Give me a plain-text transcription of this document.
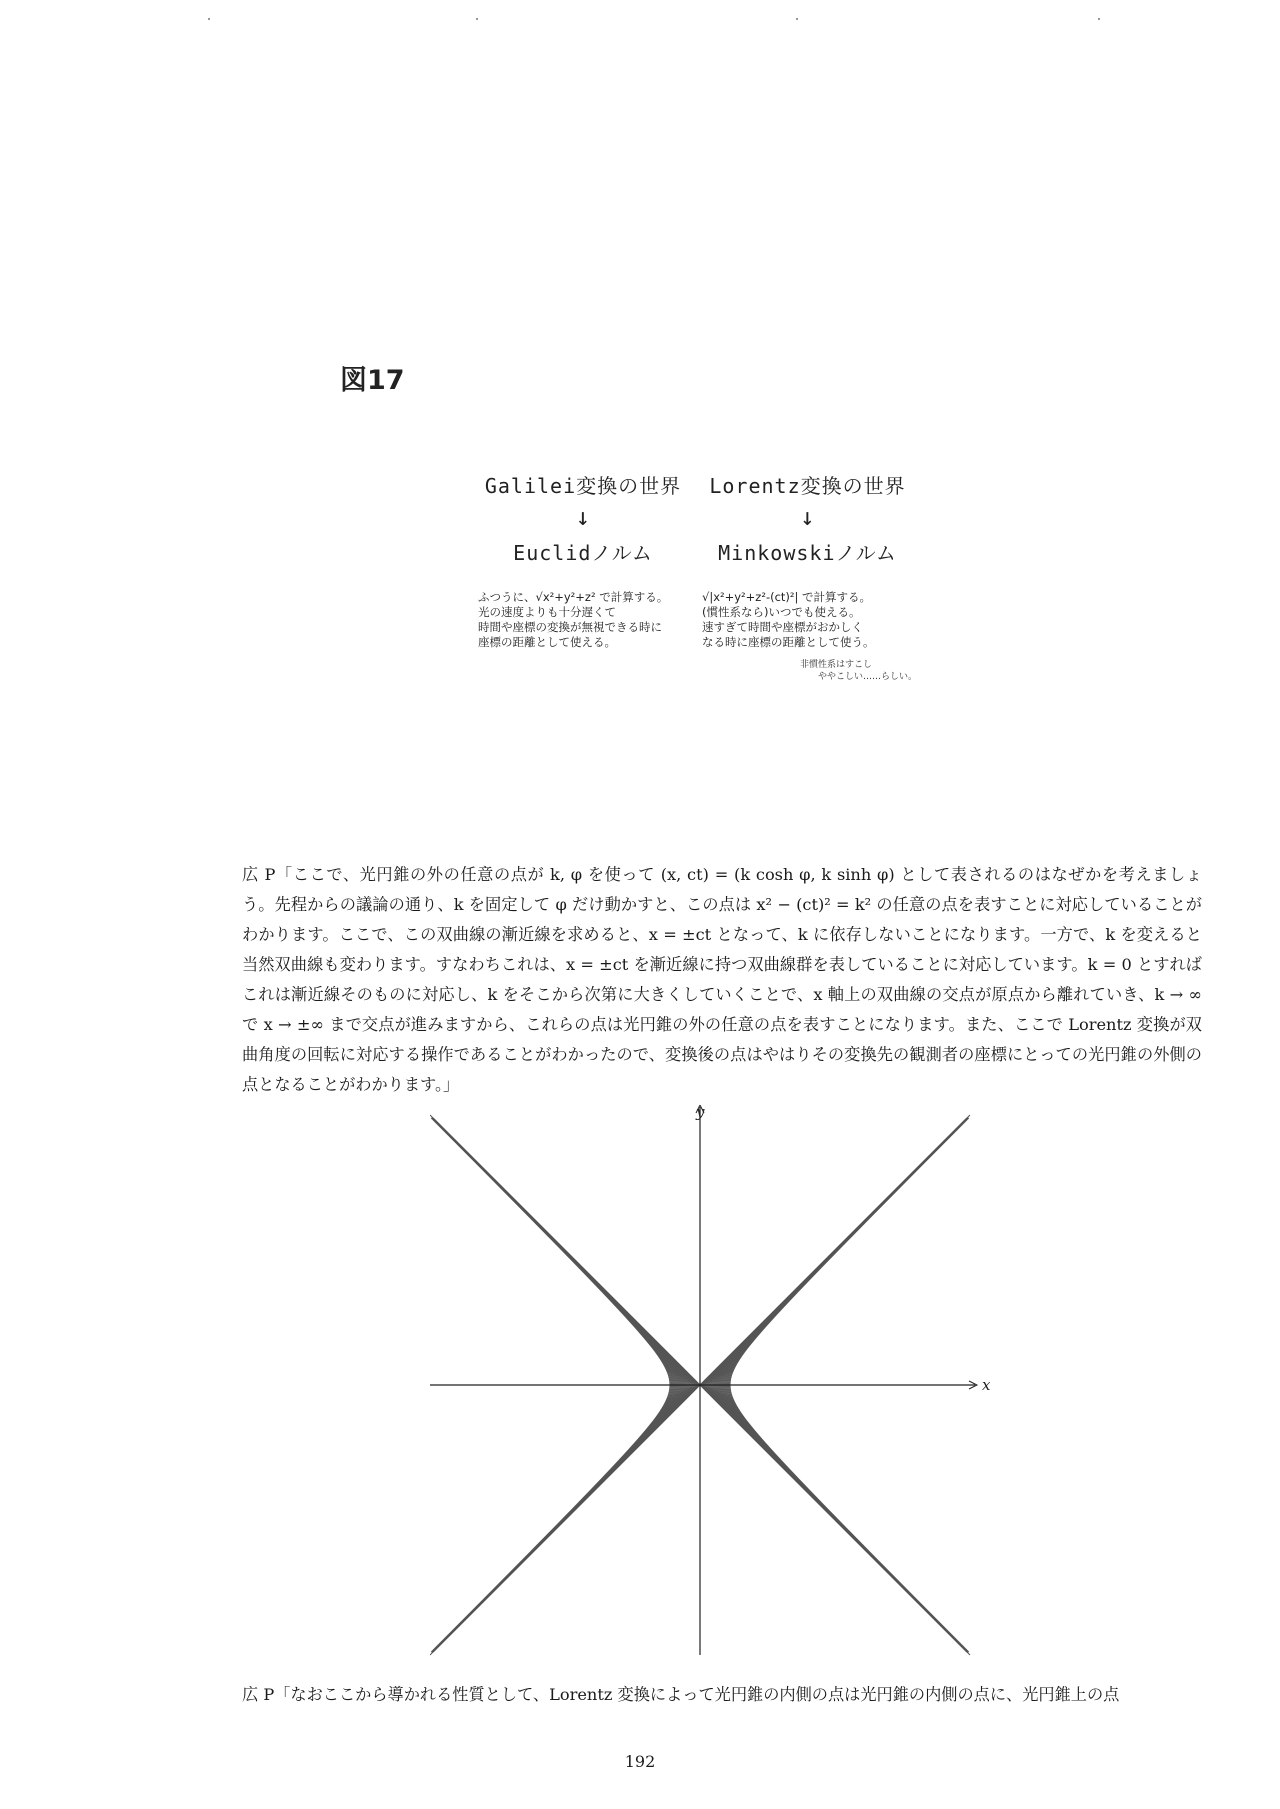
図17
Galilei変換の世界
↓
Euclidノルム
ふつうに、√x²+y²+z² で計算する。
光の速度よりも十分遅くて
時間や座標の変換が無視できる時に
座標の距離として使える。
Lorentz変換の世界
↓
Minkowskiノルム
√|x²+y²+z²-(ct)²| で計算する。
(慣性系なら)いつでも使える。
速すぎて時間や座標がおかしく
なる時に座標の距離として使う。
非慣性系はすこし
　　ややこしい……らしい。
広 P「ここで、光円錐の外の任意の点が k, φ を使って (x, ct) = (k cosh φ, k sinh φ) として表されるのはなぜかを考えましょう。先程からの議論の通り、k を固定して φ だけ動かすと、この点は x² − (ct)² = k² の任意の点を表すことに対応していることがわかります。ここで、この双曲線の漸近線を求めると、x = ±ct となって、k に依存しないことになります。一方で、k を変えると当然双曲線も変わります。すなわちこれは、x = ±ct を漸近線に持つ双曲線群を表していることに対応しています。k = 0 とすればこれは漸近線そのものに対応し、k をそこから次第に大きくしていくことで、x 軸上の双曲線の交点が原点から離れていき、k → ∞ で x → ±∞ まで交点が進みますから、これらの点は光円錐の外の任意の点を表すことになります。また、ここで Lorentz 変換が双曲角度の回転に対応する操作であることがわかったので、変換後の点はやはりその変換先の観測者の座標にとっての光円錐の外側の点となることがわかります。」
x
y
広 P「なおここから導かれる性質として、Lorentz 変換によって光円錐の内側の点は光円錐の内側の点に、光円錐上の点
192
